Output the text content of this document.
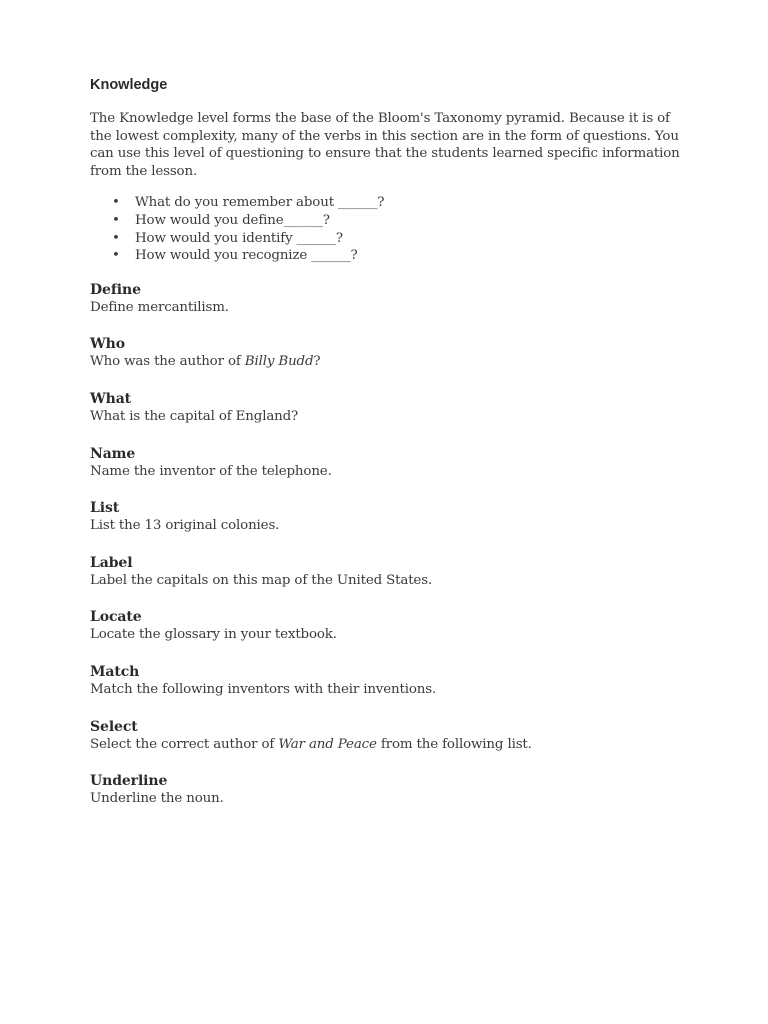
Knowledge
The Knowledge level forms the base of the Bloom's Taxonomy pyramid. Because it is of the lowest complexity, many of the verbs in this section are in the form of questions. You can use this level of questioning to ensure that the students learned specific information from the lesson.
• What do you remember about ______?
• How would you define______?
• How would you identify ______?
• How would you recognize ______?
Define
Define mercantilism.
Who
Who was the author of Billy Budd?
What
What is the capital of England?
Name
Name the inventor of the telephone.
List
List the 13 original colonies.
Label
Label the capitals on this map of the United States.
Locate
Locate the glossary in your textbook.
Match
Match the following inventors with their inventions.
Select
Select the correct author of War and Peace from the following list.
Underline
Underline the noun.
